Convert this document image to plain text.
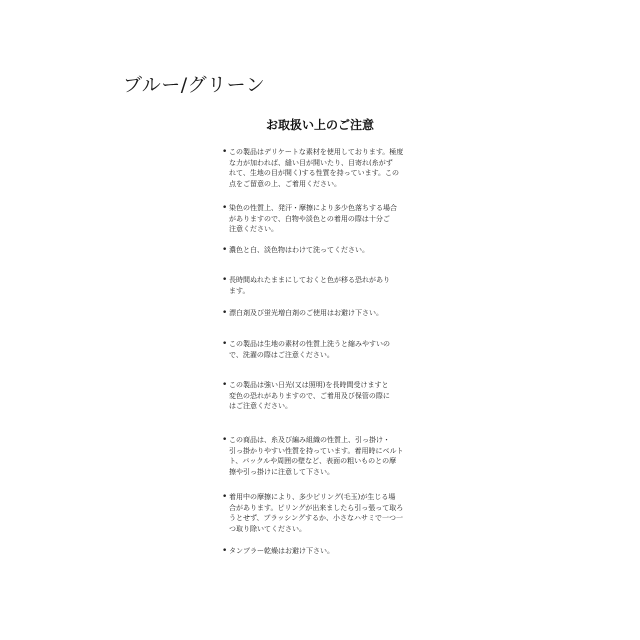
ブルー/グリーン
お取扱い上のご注意
• この製品はデリケートな素材を使用しております。極度
な力が加われば、縫い目が開いたり、目寄れ(糸がず
れて、生地の目が開く)する性質を持っています。この
点をご留意の上、ご着用ください。
• 染色の性質上、発汗・摩擦により多少色落ちする場合
がありますので、白物や淡色との着用の際は十分ご
注意ください。
• 濃色と白、淡色物はわけて洗ってください。
• 長時間ぬれたままにしておくと色が移る恐れがあり
ます。
• 漂白剤及び蛍光増白剤のご使用はお避け下さい。
• この製品は生地の素材の性質上洗うと縮みやすいの
で、洗濯の際はご注意ください。
• この製品は強い日光(又は照明)を長時間受けますと
変色の恐れがありますので、ご着用及び保管の際に
はご注意ください。
• この商品は、糸及び編み組織の性質上、引っ掛け・
引っ掛かりやすい性質を持っています。着用時にベルト
ト、バックルや周囲の壁など、表面の粗いものとの摩
擦や引っ掛けに注意して下さい。
• 着用中の摩擦により、多少ピリング(毛玉)が生じる場
合があります。ピリングが出来ましたら引っ張って取ろ
うとせず、ブラッシングするか、小さなハサミで一つ一
つ取り除いてください。
• タンブラー乾燥はお避け下さい。
